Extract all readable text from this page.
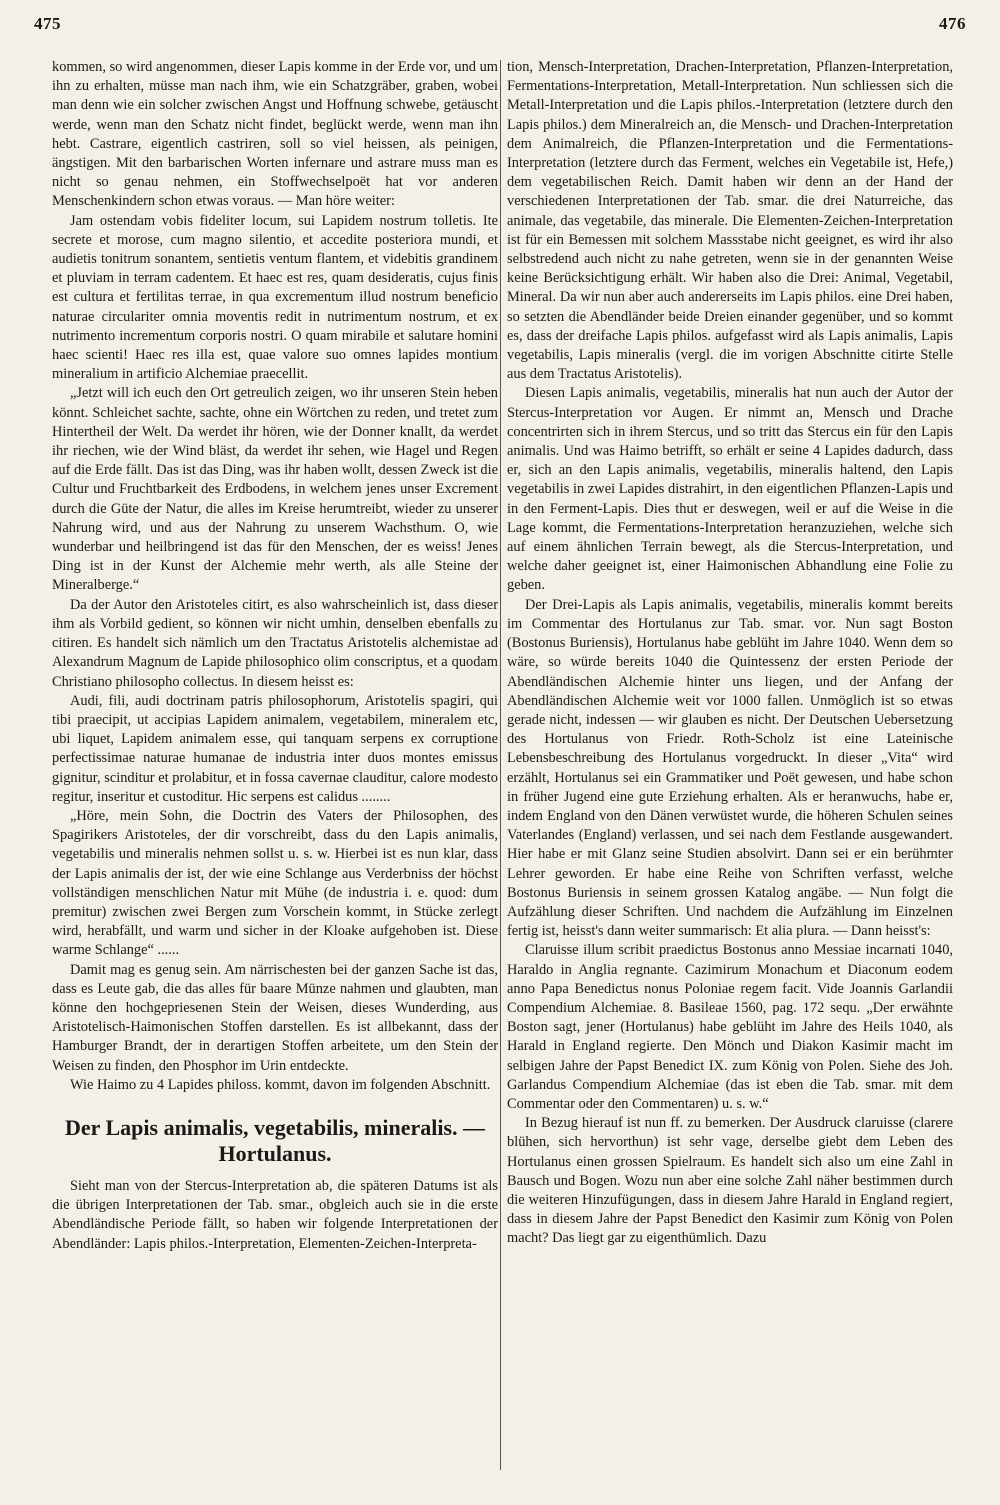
475	476

kommen, so wird angenommen, dieser Lapis komme in der Erde vor, und um ihn zu erhalten, müsse man nach ihm, wie ein Schatzgräber, graben, wobei man denn wie ein solcher zwischen Angst und Hoffnung schwebe, getäuscht werde, wenn man den Schatz nicht findet, beglückt werde, wenn man ihn hebt. Castrare, eigentlich castriren, soll so viel heissen, als peinigen, ängstigen. Mit den barbarischen Worten infernare und astrare muss man es nicht so genau nehmen, ein Stoffwechselpoët hat vor anderen Menschenkindern schon etwas voraus. — Man höre weiter:

Jam ostendam vobis fideliter locum, sui Lapidem nostrum tolletis. Ite secrete et morose, cum magno silentio, et accedite posteriora mundi, et audietis tonitrum sonantem, sentietis ventum flantem, et videbitis grandinem et pluviam in terram cadentem. Et haec est res, quam desideratis, cujus finis est cultura et fertilitas terrae, in qua excrementum illud nostrum beneficio naturae circulariter omnia moventis redit in nutrimentum nostrum, et ex nutrimento incrementum corporis nostri. O quam mirabile et salutare homini haec scienti! Haec res illa est, quae valore suo omnes lapides montium mineralium in artificio Alchemiae praecellit.

„Jetzt will ich euch den Ort getreulich zeigen, wo ihr unseren Stein heben könnt. Schleichet sachte, sachte, ohne ein Wörtchen zu reden, und tretet zum Hintertheil der Welt. Da werdet ihr hören, wie der Donner knallt, da werdet ihr riechen, wie der Wind bläst, da werdet ihr sehen, wie Hagel und Regen auf die Erde fällt. Das ist das Ding, was ihr haben wollt, dessen Zweck ist die Cultur und Fruchtbarkeit des Erdbodens, in welchem jenes unser Excrement durch die Güte der Natur, die alles im Kreise herumtreibt, wieder zu unserer Nahrung wird, und aus der Nahrung zu unserem Wachsthum. O, wie wunderbar und heilbringend ist das für den Menschen, der es weiss! Jenes Ding ist in der Kunst der Alchemie mehr werth, als alle Steine der Mineralberge.“

Da der Autor den Aristoteles citirt, es also wahrscheinlich ist, dass dieser ihm als Vorbild gedient, so können wir nicht umhin, denselben ebenfalls zu citiren. Es handelt sich nämlich um den Tractatus Aristotelis alchemistae ad Alexandrum Magnum de Lapide philosophico olim conscriptus, et a quodam Christiano philosopho collectus. In diesem heisst es:

Audi, fili, audi doctrinam patris philosophorum, Aristotelis spagiri, qui tibi praecipit, ut accipias Lapidem animalem, vegetabilem, mineralem etc, ubi liquet, Lapidem animalem esse, qui tanquam serpens ex corruptione perfectissimae naturae humanae de industria inter duos montes emissus gignitur, scinditur et prolabitur, et in fossa cavernae clauditur, calore modesto regitur, inseritur et custoditur. Hic serpens est calidus ........

„Höre, mein Sohn, die Doctrin des Vaters der Philosophen, des Spagirikers Aristoteles, der dir vorschreibt, dass du den Lapis animalis, vegetabilis und mineralis nehmen sollst u. s. w. Hierbei ist es nun klar, dass der Lapis animalis der ist, der wie eine Schlange aus Verderbniss der höchst vollständigen menschlichen Natur mit Mühe (de industria i. e. quod: dum premitur) zwischen zwei Bergen zum Vorschein kommt, in Stücke zerlegt wird, herabfällt, und warm und sicher in der Kloake aufgehoben ist. Diese warme Schlange“ ......

Damit mag es genug sein. Am närrischesten bei der ganzen Sache ist das, dass es Leute gab, die das alles für baare Münze nahmen und glaubten, man könne den hochgepriesenen Stein der Weisen, dieses Wunderding, aus Aristotelisch-Haimonischen Stoffen darstellen. Es ist allbekannt, dass der Hamburger Brandt, der in derartigen Stoffen arbeitete, um den Stein der Weisen zu finden, den Phosphor im Urin entdeckte.

Wie Haimo zu 4 Lapides philoss. kommt, davon im folgenden Abschnitt.

Der Lapis animalis, vegetabilis, mineralis. — Hortulanus.

Sieht man von der Stercus-Interpretation ab, die späteren Datums ist als die übrigen Interpretationen der Tab. smar., obgleich auch sie in die erste Abendländische Periode fällt, so haben wir folgende Interpretationen der Abendländer: Lapis philos.-Interpretation, Elementen-Zeichen-Interpreta-

tion, Mensch-Interpretation, Drachen-Interpretation, Pflanzen-Interpretation, Fermentations-Interpretation, Metall-Interpretation. Nun schliessen sich die Metall-Interpretation und die Lapis philos.-Interpretation (letztere durch den Lapis philos.) dem Mineralreich an, die Mensch- und Drachen-Interpretation dem Animalreich, die Pflanzen-Interpretation und die Fermentations-Interpretation (letztere durch das Ferment, welches ein Vegetabile ist, Hefe,) dem vegetabilischen Reich. Damit haben wir denn an der Hand der verschiedenen Interpretationen der Tab. smar. die drei Naturreiche, das animale, das vegetabile, das minerale. Die Elementen-Zeichen-Interpretation ist für ein Bemessen mit solchem Massstabe nicht geeignet, es wird ihr also selbstredend auch nicht zu nahe getreten, wenn sie in der genannten Weise keine Berücksichtigung erhält. Wir haben also die Drei: Animal, Vegetabil, Mineral. Da wir nun aber auch andererseits im Lapis philos. eine Drei haben, so setzten die Abendländer beide Dreien einander gegenüber, und so kommt es, dass der dreifache Lapis philos. aufgefasst wird als Lapis animalis, Lapis vegetabilis, Lapis mineralis (vergl. die im vorigen Abschnitte citirte Stelle aus dem Tractatus Aristotelis).

Diesen Lapis animalis, vegetabilis, mineralis hat nun auch der Autor der Stercus-Interpretation vor Augen. Er nimmt an, Mensch und Drache concentrirten sich in ihrem Stercus, und so tritt das Stercus ein für den Lapis animalis. Und was Haimo betrifft, so erhält er seine 4 Lapides dadurch, dass er, sich an den Lapis animalis, vegetabilis, mineralis haltend, den Lapis vegetabilis in zwei Lapides distrahirt, in den eigentlichen Pflanzen-Lapis und in den Ferment-Lapis. Dies thut er deswegen, weil er auf die Weise in die Lage kommt, die Fermentations-Interpretation heranzuziehen, welche sich auf einem ähnlichen Terrain bewegt, als die Stercus-Interpretation, und welche daher geeignet ist, einer Haimonischen Abhandlung eine Folie zu geben.

Der Drei-Lapis als Lapis animalis, vegetabilis, mineralis kommt bereits im Commentar des Hortulanus zur Tab. smar. vor. Nun sagt Boston (Bostonus Buriensis), Hortulanus habe geblüht im Jahre 1040. Wenn dem so wäre, so würde bereits 1040 die Quintessenz der ersten Periode der Abendländischen Alchemie hinter uns liegen, und der Anfang der Abendländischen Alchemie weit vor 1000 fallen. Unmöglich ist so etwas gerade nicht, indessen — wir glauben es nicht. Der Deutschen Uebersetzung des Hortulanus von Friedr. Roth-Scholz ist eine Lateinische Lebensbeschreibung des Hortulanus vorgedruckt. In dieser „Vita“ wird erzählt, Hortulanus sei ein Grammatiker und Poët gewesen, und habe schon in früher Jugend eine gute Erziehung erhalten. Als er heranwuchs, habe er, indem England von den Dänen verwüstet wurde, die höheren Schulen seines Vaterlandes (England) verlassen, und sei nach dem Festlande ausgewandert. Hier habe er mit Glanz seine Studien absolvirt. Dann sei er ein berühmter Lehrer geworden. Er habe eine Reihe von Schriften verfasst, welche Bostonus Buriensis in seinem grossen Katalog angäbe. — Nun folgt die Aufzählung dieser Schriften. Und nachdem die Aufzählung im Einzelnen fertig ist, heisst's dann weiter summarisch: Et alia plura. — Dann heisst's:

Claruisse illum scribit praedictus Bostonus anno Messiae incarnati 1040, Haraldo in Anglia regnante. Cazimirum Monachum et Diaconum eodem anno Papa Benedictus nonus Poloniae regem facit. Vide Joannis Garlandii Compendium Alchemiae. 8. Basileae 1560, pag. 172 sequ. „Der erwähnte Boston sagt, jener (Hortulanus) habe geblüht im Jahre des Heils 1040, als Harald in England regierte. Den Mönch und Diakon Kasimir macht im selbigen Jahre der Papst Benedict IX. zum König von Polen. Siehe des Joh. Garlandus Compendium Alchemiae (das ist eben die Tab. smar. mit dem Commentar oder den Commentaren) u. s. w.“

In Bezug hierauf ist nun ff. zu bemerken. Der Ausdruck claruisse (clarere blühen, sich hervorthun) ist sehr vage, derselbe giebt dem Leben des Hortulanus einen grossen Spielraum. Es handelt sich also um eine Zahl in Bausch und Bogen. Wozu nun aber eine solche Zahl näher bestimmen durch die weiteren Hinzufügungen, dass in diesem Jahre Harald in England regiert, dass in diesem Jahre der Papst Benedict den Kasimir zum König von Polen macht? Das liegt gar zu eigenthümlich. Dazu
